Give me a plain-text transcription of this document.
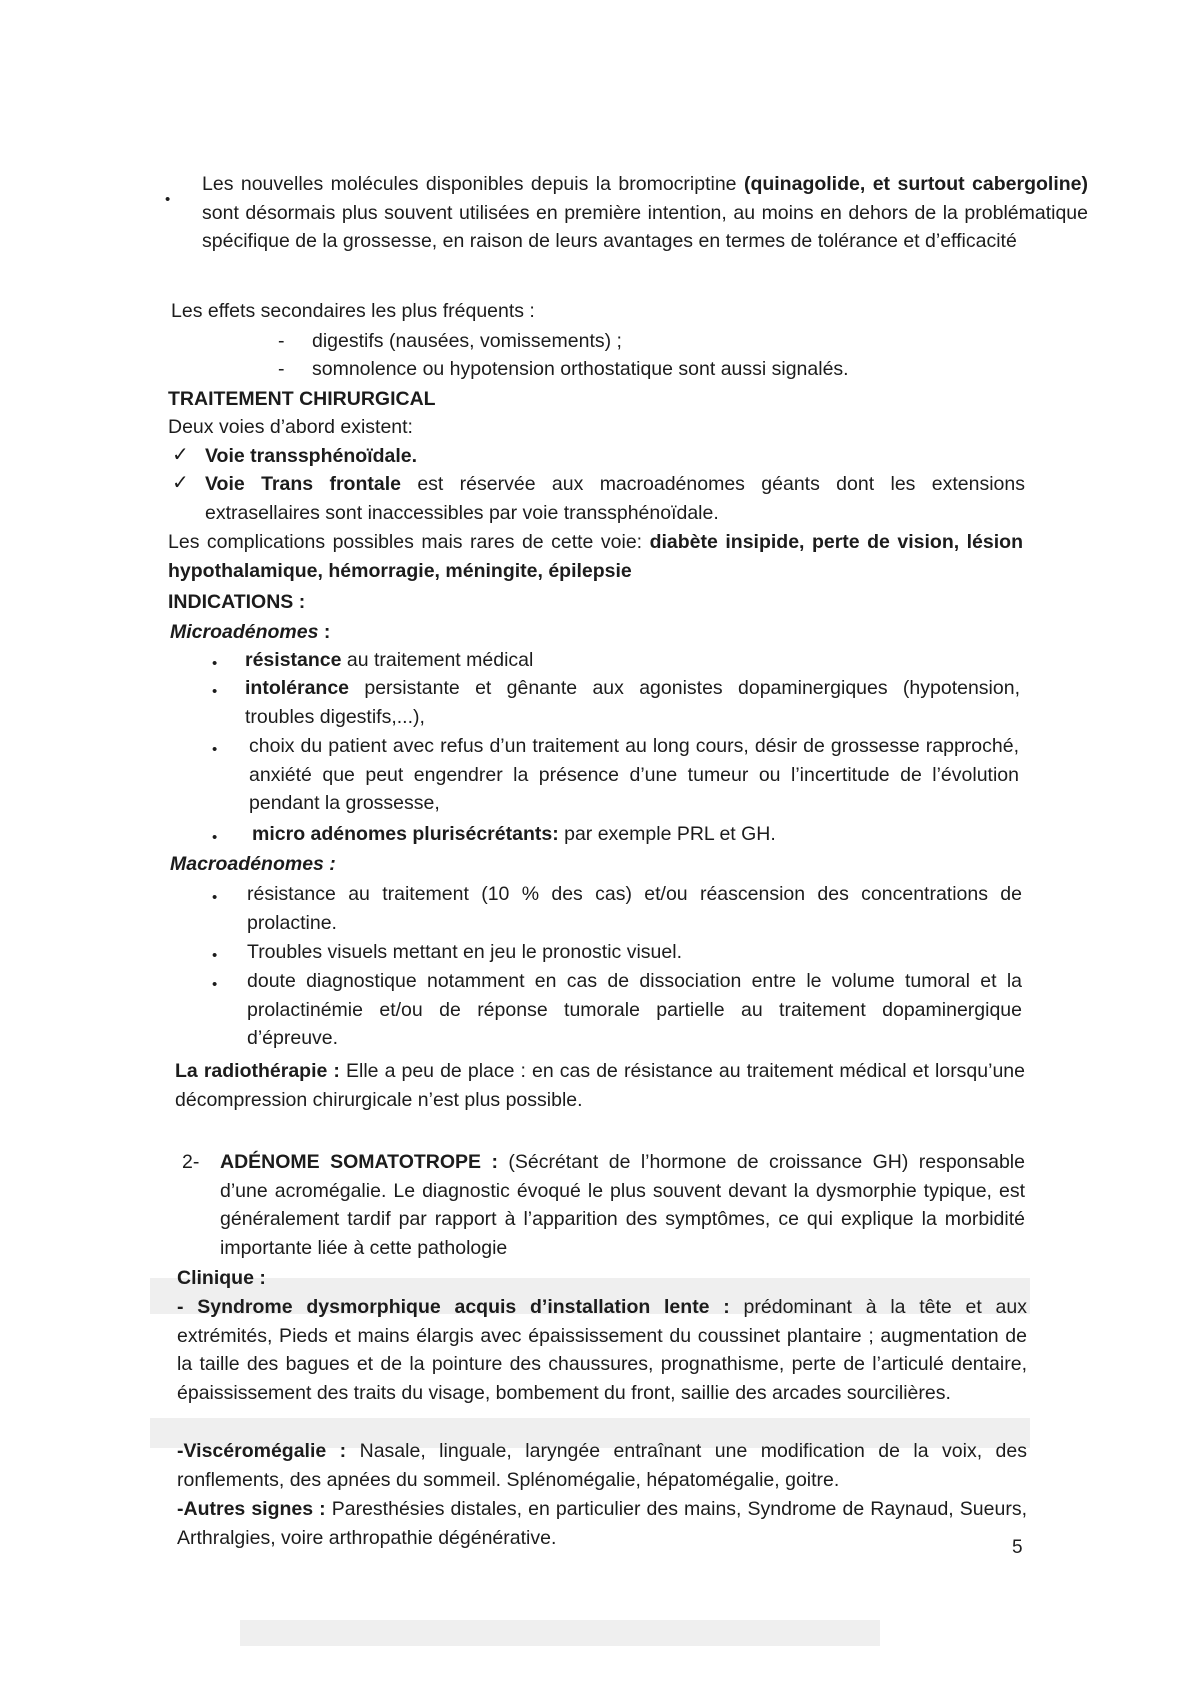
•
Les nouvelles molécules disponibles depuis la bromocriptine (quinagolide, et surtout cabergoline) sont désormais plus souvent utilisées en première intention, au moins en dehors de la problématique spécifique de la grossesse, en raison de leurs avantages en termes de tolérance et d’efficacité
Les effets secondaires les plus fréquents :
- digestifs (nausées, vomissements) ;
- somnolence ou hypotension orthostatique sont aussi signalés.
TRAITEMENT CHIRURGICAL
Deux voies d’abord existent:
✓ Voie transsphénoïdale.
✓ Voie Trans frontale est réservée aux macroadénomes géants dont les extensions extrasellaires sont inaccessibles par voie transsphénoïdale.
Les complications possibles mais rares de cette voie: diabète insipide, perte de vision, lésion hypothalamique, hémorragie, méningite, épilepsie
INDICATIONS :
Microadénomes :
• résistance au traitement médical
• intolérance persistante et gênante aux agonistes dopaminergiques (hypotension, troubles digestifs,...),
• choix du patient avec refus d’un traitement au long cours, désir de grossesse rapproché, anxiété que peut engendrer la présence d’une tumeur ou l’incertitude de l’évolution pendant la grossesse,
• micro adénomes plurisécrétants: par exemple PRL et GH.
Macroadénomes :
• résistance au traitement (10 % des cas) et/ou réascension des concentrations de prolactine.
• Troubles visuels mettant en jeu le pronostic visuel.
• doute diagnostique notamment en cas de dissociation entre le volume tumoral et la prolactinémie et/ou de réponse tumorale partielle au traitement dopaminergique d’épreuve.
La radiothérapie : Elle a peu de place : en cas de résistance au traitement médical et lorsqu’une décompression chirurgicale n’est plus possible.
2- ADÉNOME SOMATOTROPE : (Sécrétant de l’hormone de croissance GH) responsable d’une acromégalie. Le diagnostic évoqué le plus souvent devant la dysmorphie typique, est généralement tardif par rapport à l’apparition des symptômes, ce qui explique la morbidité importante liée à cette pathologie
Clinique :
- Syndrome dysmorphique acquis d’installation lente : prédominant à la tête et aux extrémités, Pieds et mains élargis avec épaississement du coussinet plantaire ; augmentation de la taille des bagues et de la pointure des chaussures, prognathisme, perte de l’articulé dentaire, épaississement des traits du visage, bombement du front, saillie des arcades sourcilières.
-Viscéromégalie : Nasale, linguale, laryngée entraînant une modification de la voix, des ronflements, des apnées du sommeil. Splénomégalie, hépatomégalie, goitre.
-Autres signes : Paresthésies distales, en particulier des mains, Syndrome de Raynaud, Sueurs, Arthralgies, voire arthropathie dégénérative.	5
